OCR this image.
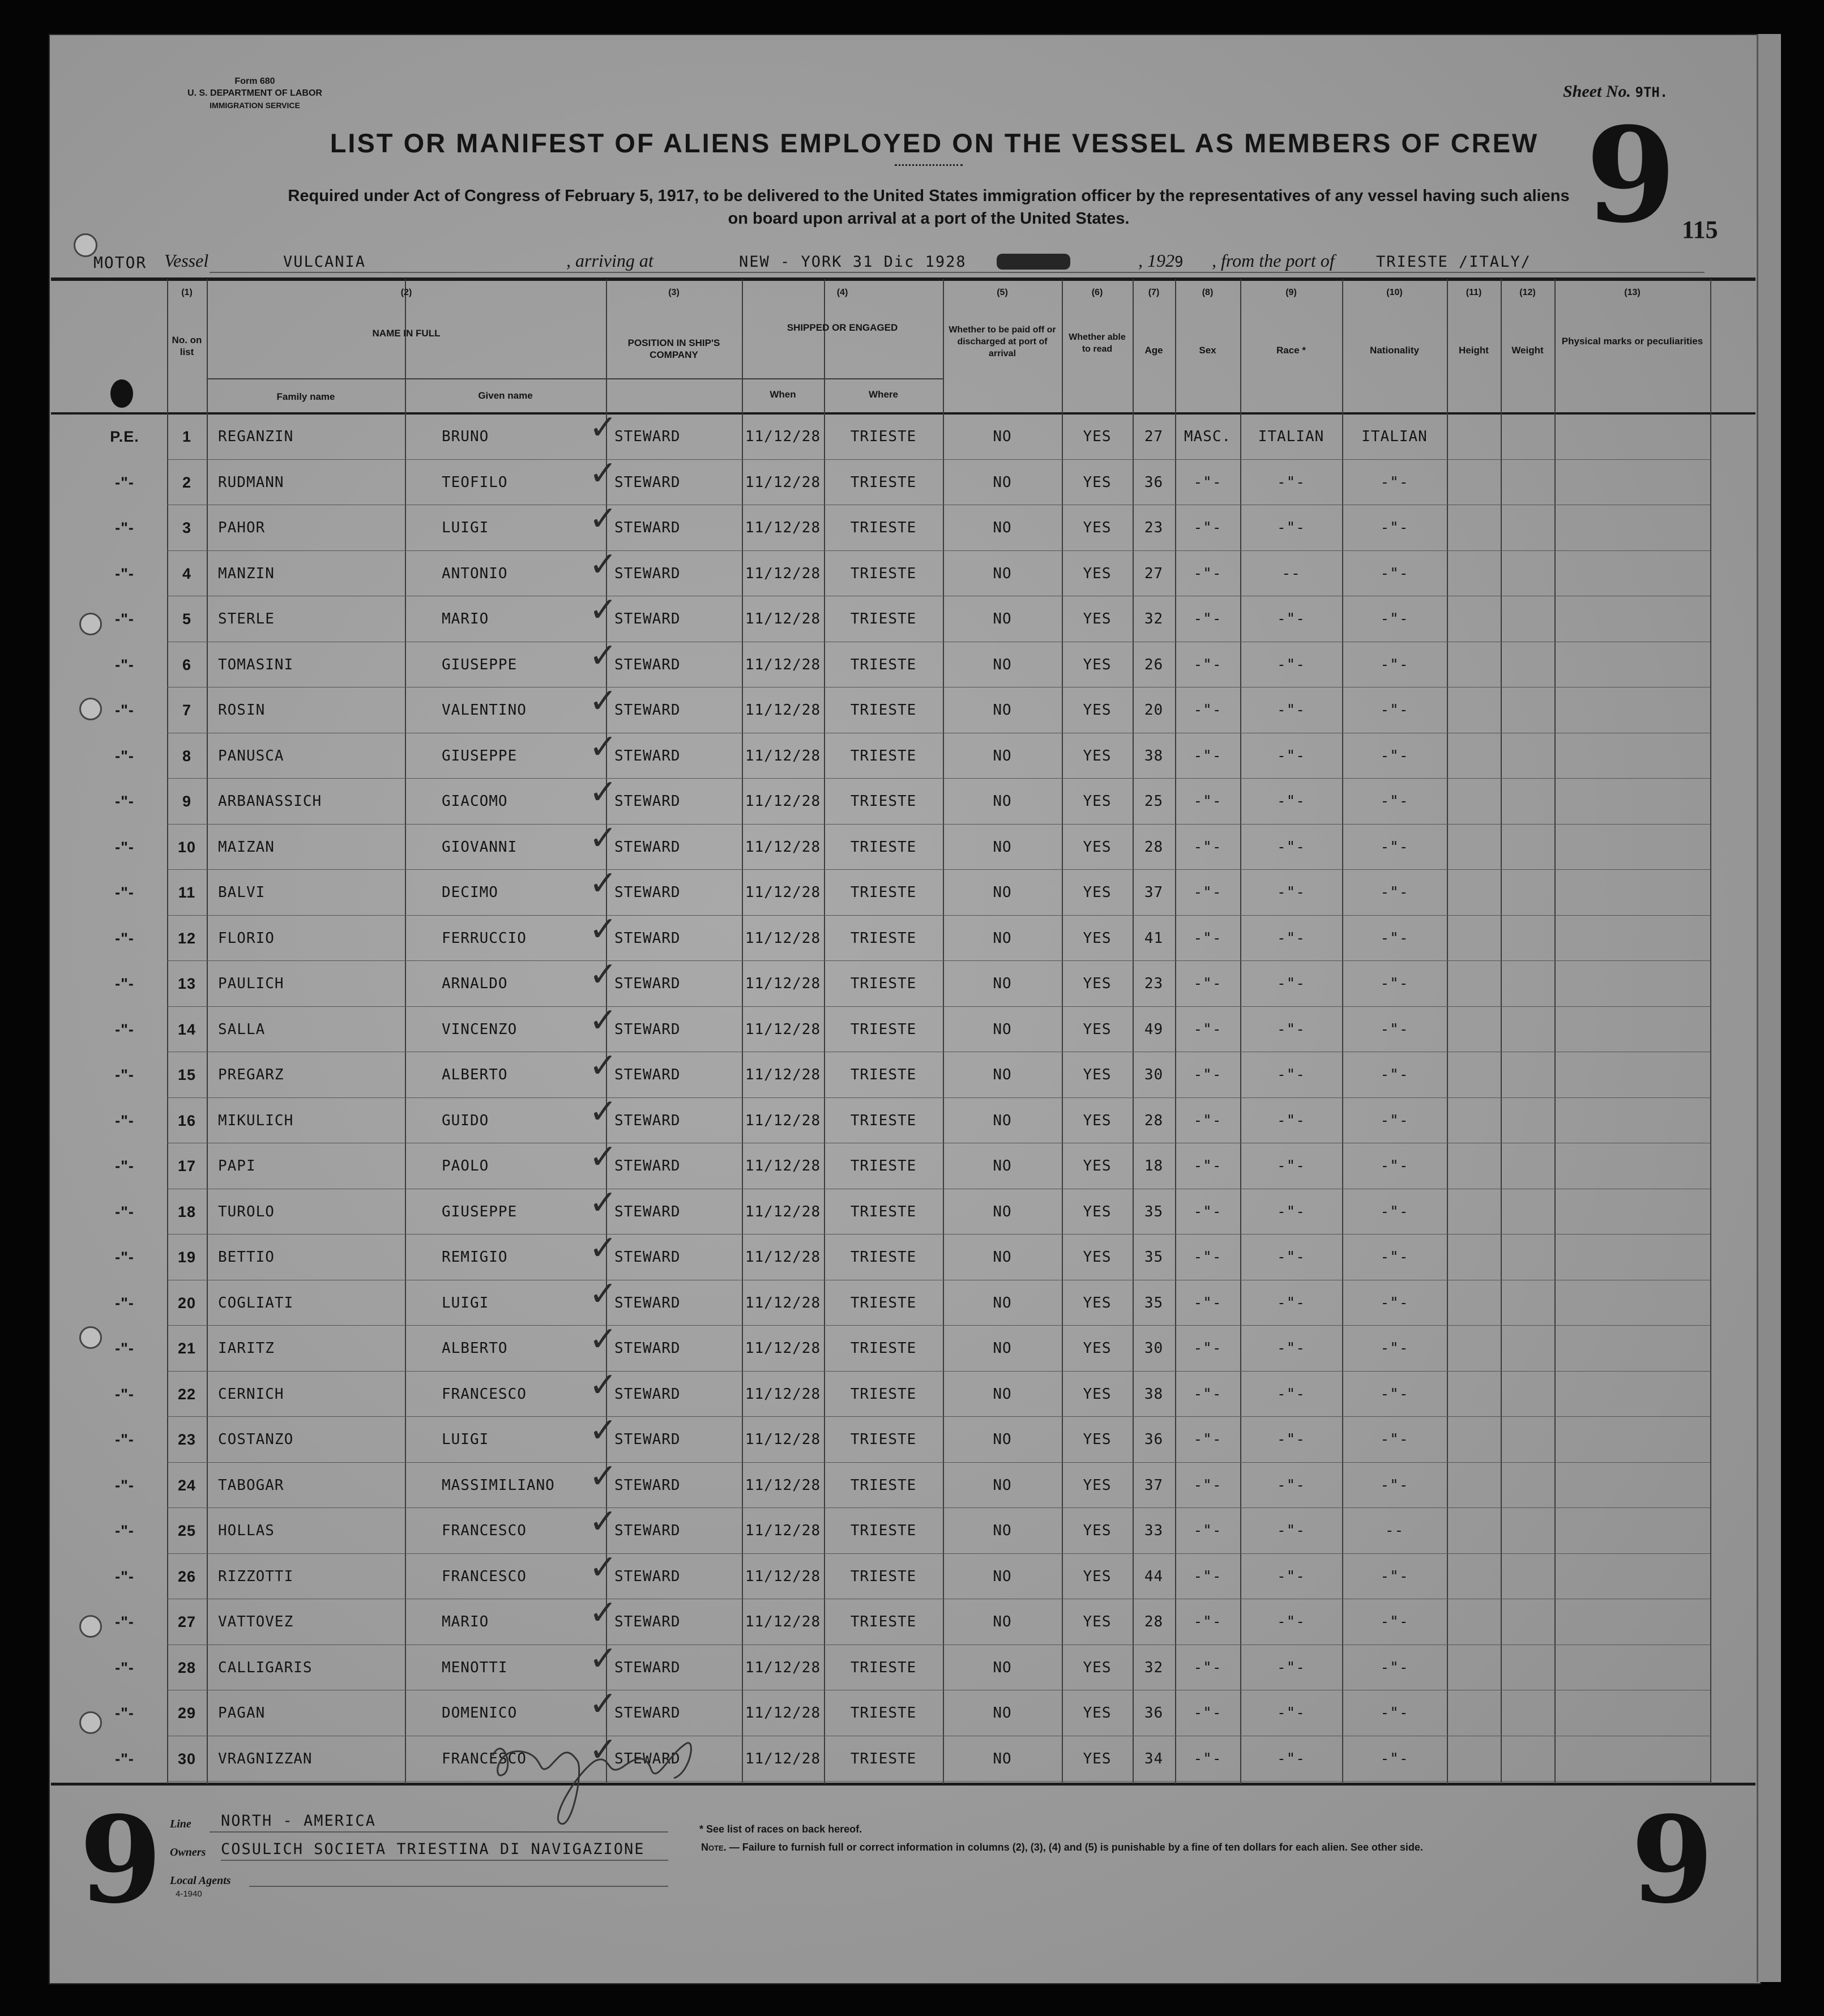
Form 680
U. S. DEPARTMENT OF LABOR
IMMIGRATION SERVICE
Sheet No. 9TH.
LIST OR MANIFEST OF ALIENS EMPLOYED ON THE VESSEL AS MEMBERS OF CREW
Required under Act of Congress of February 5, 1917, to be delivered to the United States immigration officer by the representatives of any vessel having such aliens
on board upon arrival at a port of the United States.	9 115
MOTOR Vessel	VULCANIA	, arriving at	NEW - YORK 31 Dic 1928	, 1929 , from the port of	TRIESTE /ITALY/
(1)	(2)	(3)	(4)	(5)	(6)	(7)	(8)	(9)	(10)	(11)	(12)	(13)
No. on list
NAME IN FULL
Family name	Given name
POSITION IN SHIP'S COMPANY
SHIPPED OR ENGAGED
When	Where
Whether to be paid off or discharged at port of arrival
Whether able to read	Age	Sex	Race *	Nationality	Height	Weight
Physical marks or peculiarities
P.E.	1	REGANZIN	BRUNO	STEWARD	11/12/28	TRIESTE	NO	YES	27	MASC.	ITALIAN	ITALIAN
✓
-"-	2	RUDMANN	TEOFILO	STEWARD	11/12/28	TRIESTE	NO	YES	36	-"-	-"-	-"-
✓
-"-	3	PAHOR	LUIGI	STEWARD	11/12/28	TRIESTE	NO	YES	23	-"-	-"-	-"-
✓
-"-	4	MANZIN	ANTONIO	STEWARD	11/12/28	TRIESTE	NO	YES	27	-"-	--	-"-
✓
-"-	5	STERLE	MARIO	STEWARD	11/12/28	TRIESTE	NO	YES	32	-"-	-"-	-"-
✓
-"-	6	TOMASINI	GIUSEPPE	STEWARD	11/12/28	TRIESTE	NO	YES	26	-"-	-"-	-"-
✓
-"-	7	ROSIN	VALENTINO	STEWARD	11/12/28	TRIESTE	NO	YES	20	-"-	-"-	-"-
✓
-"-	8	PANUSCA	GIUSEPPE	STEWARD	11/12/28	TRIESTE	NO	YES	38	-"-	-"-	-"-
✓
-"-	9	ARBANASSICH	GIACOMO	STEWARD	11/12/28	TRIESTE	NO	YES	25	-"-	-"-	-"-
✓
-"-	10	MAIZAN	GIOVANNI	STEWARD	11/12/28	TRIESTE	NO	YES	28	-"-	-"-	-"-
✓
-"-	11	BALVI	DECIMO	STEWARD	11/12/28	TRIESTE	NO	YES	37	-"-	-"-	-"-
✓
-"-	12	FLORIO	FERRUCCIO	STEWARD	11/12/28	TRIESTE	NO	YES	41	-"-	-"-	-"-
✓
-"-	13	PAULICH	ARNALDO	STEWARD	11/12/28	TRIESTE	NO	YES	23	-"-	-"-	-"-
✓
-"-	14	SALLA	VINCENZO	STEWARD	11/12/28	TRIESTE	NO	YES	49	-"-	-"-	-"-
✓
-"-	15	PREGARZ	ALBERTO	STEWARD	11/12/28	TRIESTE	NO	YES	30	-"-	-"-	-"-
✓
-"-	16	MIKULICH	GUIDO	STEWARD	11/12/28	TRIESTE	NO	YES	28	-"-	-"-	-"-
✓
-"-	17	PAPI	PAOLO	STEWARD	11/12/28	TRIESTE	NO	YES	18	-"-	-"-	-"-
✓
-"-	18	TUROLO	GIUSEPPE	STEWARD	11/12/28	TRIESTE	NO	YES	35	-"-	-"-	-"-
✓
-"-	19	BETTIO	REMIGIO	STEWARD	11/12/28	TRIESTE	NO	YES	35	-"-	-"-	-"-
✓
-"-	20	COGLIATI	LUIGI	STEWARD	11/12/28	TRIESTE	NO	YES	35	-"-	-"-	-"-
✓
-"-	21	IARITZ	ALBERTO	STEWARD	11/12/28	TRIESTE	NO	YES	30	-"-	-"-	-"-
✓
-"-	22	CERNICH	FRANCESCO	STEWARD	11/12/28	TRIESTE	NO	YES	38	-"-	-"-	-"-
✓
-"-	23	COSTANZO	LUIGI	STEWARD	11/12/28	TRIESTE	NO	YES	36	-"-	-"-	-"-
✓
-"-	24	TABOGAR	MASSIMILIANO	STEWARD	11/12/28	TRIESTE	NO	YES	37	-"-	-"-	-"-
✓
-"-	25	HOLLAS	FRANCESCO	STEWARD	11/12/28	TRIESTE	NO	YES	33	-"-	-"-	--
✓
-"-	26	RIZZOTTI	FRANCESCO	STEWARD	11/12/28	TRIESTE	NO	YES	44	-"-	-"-	-"-
✓
-"-	27	VATTOVEZ	MARIO	STEWARD	11/12/28	TRIESTE	NO	YES	28	-"-	-"-	-"-
✓
-"-	28	CALLIGARIS	MENOTTI	STEWARD	11/12/28	TRIESTE	NO	YES	32	-"-	-"-	-"-
✓
-"-	29	PAGAN	DOMENICO	STEWARD	11/12/28	TRIESTE	NO	YES	36	-"-	-"-	-"-
✓
-"-	30	VRAGNIZZAN	FRANCESCO	STEWARD	11/12/28	TRIESTE	NO	YES	34	-"-	-"-	-"-
✓
9	9
Line NORTH - AMERICA
Owners COSULICH SOCIETA TRIESTINA DI NAVIGAZIONE
Local Agents
4-1940
* See list of races on back hereof.
Note. — Failure to furnish full or correct information in columns (2), (3), (4) and (5) is punishable by a fine of ten dollars for each alien. See other side.
